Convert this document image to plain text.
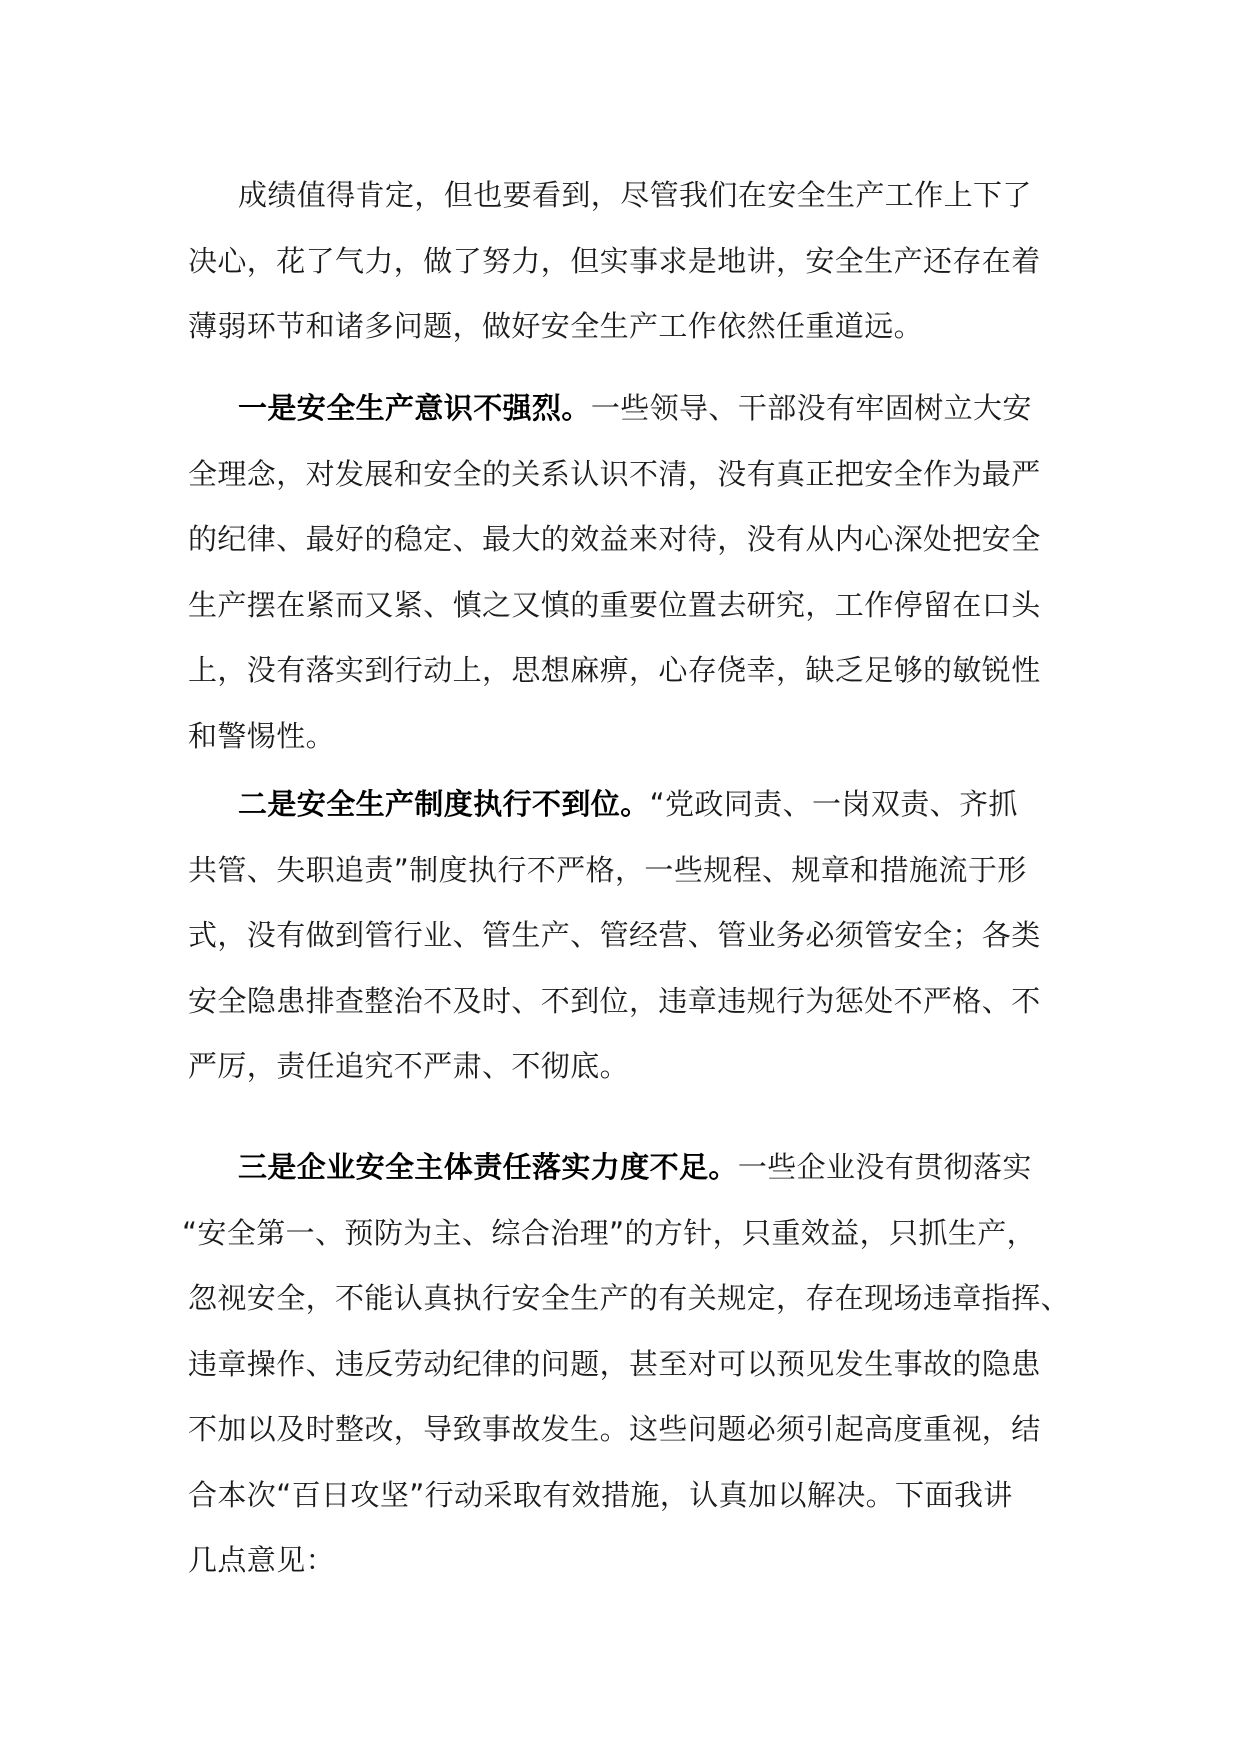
成绩值得肯定，但也要看到，尽管我们在安全生产工作上下了
决心，花了气力，做了努力，但实事求是地讲，安全生产还存在着
薄弱环节和诸多问题，做好安全生产工作依然任重道远。
一是安全生产意识不强烈。一些领导、干部没有牢固树立大安
全理念，对发展和安全的关系认识不清，没有真正把安全作为最严
的纪律、最好的稳定、最大的效益来对待，没有从内心深处把安全
生产摆在紧而又紧、慎之又慎的重要位置去研究，工作停留在口头
上，没有落实到行动上，思想麻痹，心存侥幸，缺乏足够的敏锐性
和警惕性。
二是安全生产制度执行不到位。“党政同责、一岗双责、齐抓
共管、失职追责”制度执行不严格，一些规程、规章和措施流于形
式，没有做到管行业、管生产、管经营、管业务必须管安全；各类
安全隐患排查整治不及时、不到位，违章违规行为惩处不严格、不
严厉，责任追究不严肃、不彻底。
三是企业安全主体责任落实力度不足。一些企业没有贯彻落实
“安全第一、预防为主、综合治理”的方针，只重效益，只抓生产，
忽视安全，不能认真执行安全生产的有关规定，存在现场违章指挥、
违章操作、违反劳动纪律的问题，甚至对可以预见发生事故的隐患
不加以及时整改，导致事故发生。这些问题必须引起高度重视，结
合本次“百日攻坚”行动采取有效措施，认真加以解决。下面我讲
几点意见：
